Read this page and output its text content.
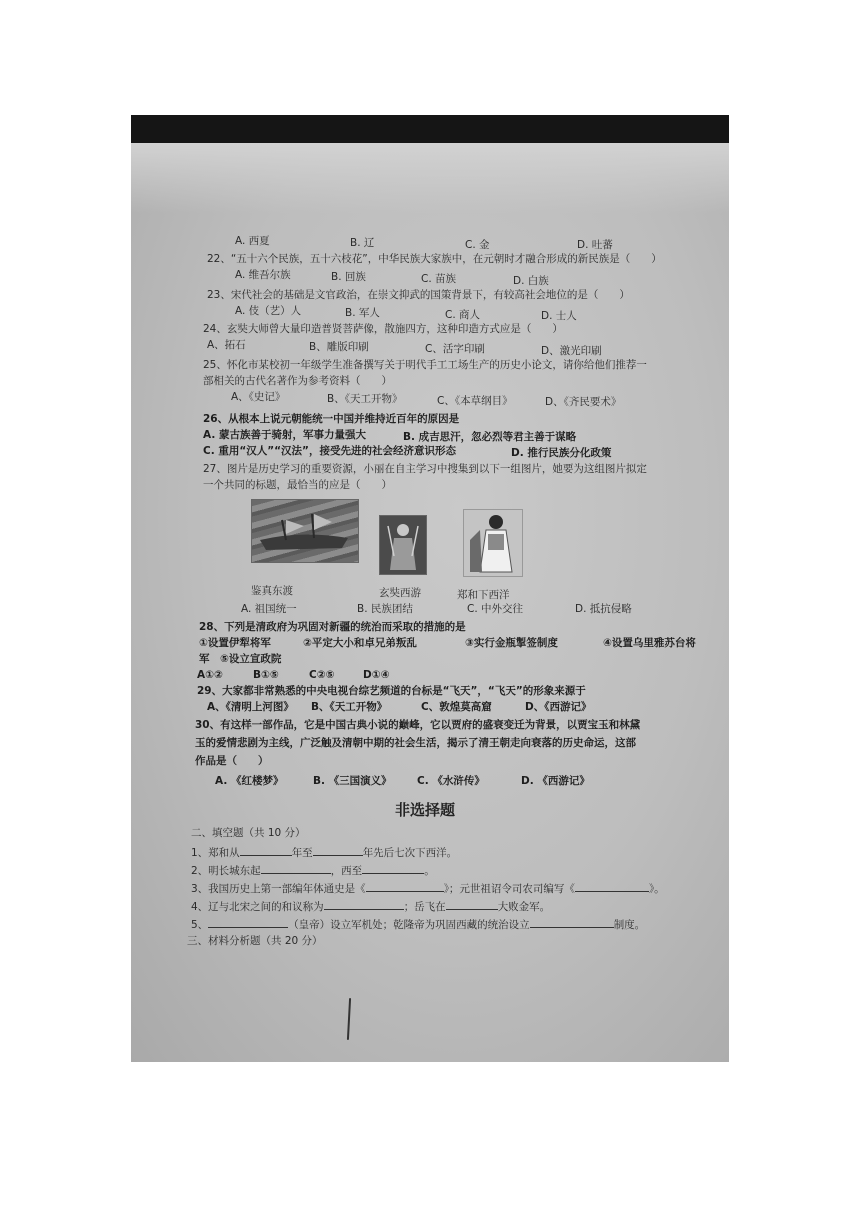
A. 西夏	B. 辽	C. 金	D. 吐蕃
22、“五十六个民族，五十六枝花”，中华民族大家族中，在元朝时才融合形成的新民族是（　　）
A. 维吾尔族	B. 回族	C. 苗族	D. 白族
23、宋代社会的基础是文官政治，在崇文抑武的国策背景下，有较高社会地位的是（　　）
A. 伎（艺）人	B. 军人	C. 商人	D. 士人
24、玄奘大师曾大量印造普贤菩萨像，散施四方，这种印造方式应是（　　）
A、拓石	B、雕版印刷	C、活字印刷	D、激光印刷
25、怀化市某校初一年级学生准备撰写关于明代手工工场生产的历史小论文，请你给他们推荐一
部相关的古代名著作为参考资料（　　）
A、《史记》	B、《天工开物》	C、《本草纲目》	D、《齐民要术》
26、从根本上说元朝能统一中国并维持近百年的原因是
A. 蒙古族善于骑射，军事力量强大	B. 成吉思汗，忽必烈等君主善于谋略
C. 重用“汉人”“汉法”，接受先进的社会经济意识形态	D. 推行民族分化政策
27、图片是历史学习的重要资源，小丽在自主学习中搜集到以下一组图片，她要为这组图片拟定
一个共同的标题，最恰当的应是（　　）
鉴真东渡	玄奘西游	郑和下西洋
A. 祖国统一	B. 民族团结	C. 中外交往	D. 抵抗侵略
28、下列是清政府为巩固对新疆的统治而采取的措施的是
①设置伊犁将军	②平定大小和卓兄弟叛乱	③实行金瓶掣签制度	④设置乌里雅苏台将
军　⑤设立宣政院
A①②	B①⑤	C②⑤	D①④
29、大家都非常熟悉的中央电视台综艺频道的台标是“飞天”，“飞天”的形象来源于
A、《清明上河图》 B、《天工开物》	C、敦煌莫高窟	D、《西游记》
30、有这样一部作品，它是中国古典小说的巅峰，它以贾府的盛衰变迁为背景，以贾宝玉和林黛
玉的爱情悲剧为主线，广泛触及清朝中期的社会生活，揭示了清王朝走向衰落的历史命运，这部
作品是（　　）
A. 《红楼梦》	B. 《三国演义》 C. 《水浒传》	D. 《西游记》
非选择题
二、填空题（共 10 分）
1、郑和从	年至	年先后七次下西洋。
2、明长城东起	，西至	。
3、我国历史上第一部编年体通史是《	》；元世祖诏令司农司编写《	》。
4、辽与北宋之间的和议称为	；岳飞在	大败金军。
5、	（皇帝）设立军机处；乾隆帝为巩固西藏的统治设立	制度。
三、材料分析题（共 20 分）
